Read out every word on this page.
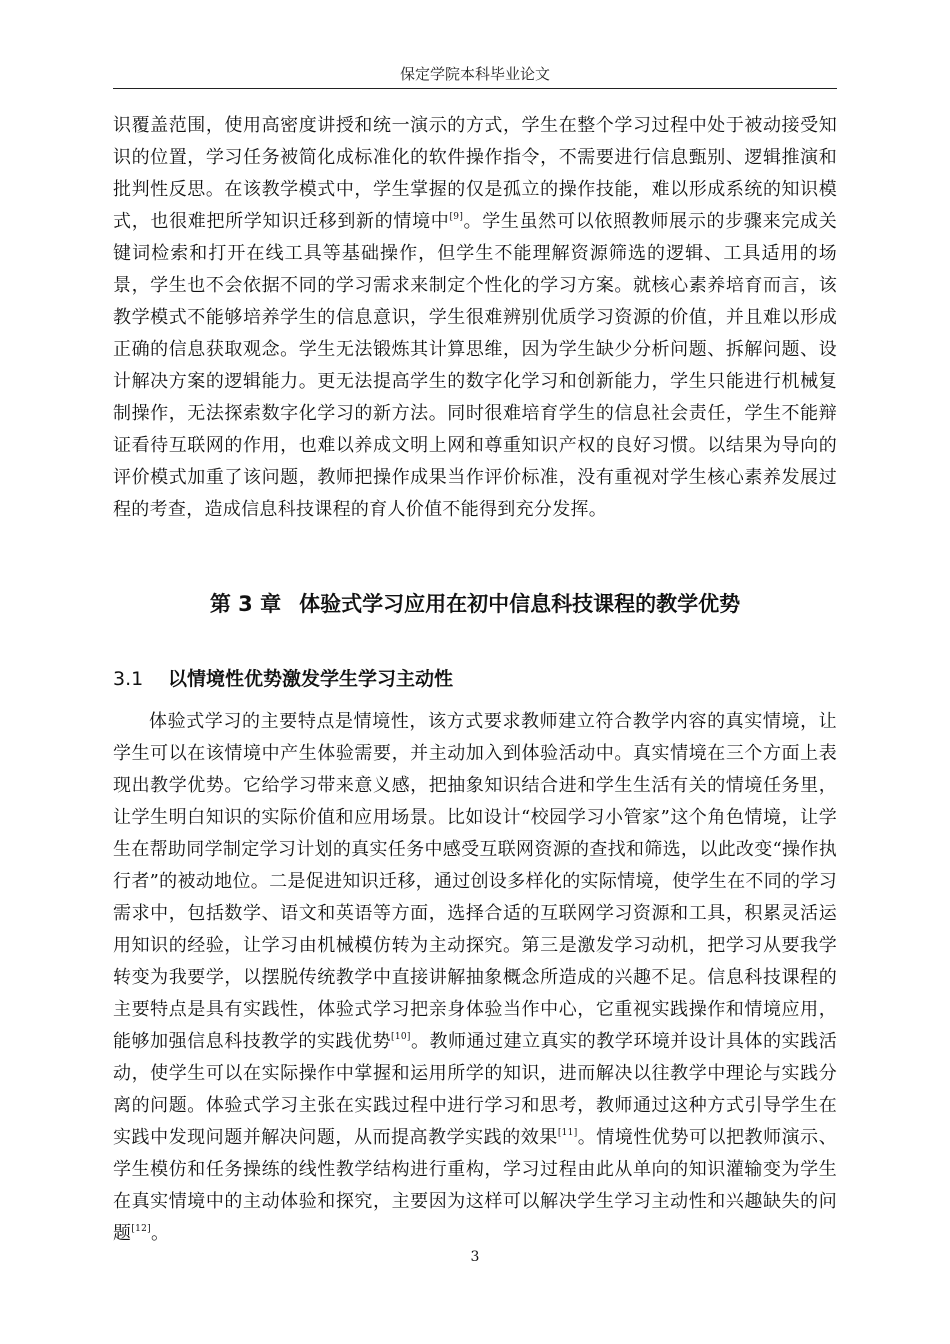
保定学院本科毕业论文

识覆盖范围，使用高密度讲授和统一演示的方式，学生在整个学习过程中处于被动接受知识的位置，学习任务被简化成标准化的软件操作指令，不需要进行信息甄别、逻辑推演和批判性反思。在该教学模式中，学生掌握的仅是孤立的操作技能，难以形成系统的知识模式，也很难把所学知识迁移到新的情境中[9]。学生虽然可以依照教师展示的步骤来完成关键词检索和打开在线工具等基础操作，但学生不能理解资源筛选的逻辑、工具适用的场景，学生也不会依据不同的学习需求来制定个性化的学习方案。就核心素养培育而言，该教学模式不能够培养学生的信息意识，学生很难辨别优质学习资源的价值，并且难以形成正确的信息获取观念。学生无法锻炼其计算思维，因为学生缺少分析问题、拆解问题、设计解决方案的逻辑能力。更无法提高学生的数字化学习和创新能力，学生只能进行机械复制操作，无法探索数字化学习的新方法。同时很难培育学生的信息社会责任，学生不能辩证看待互联网的作用，也难以养成文明上网和尊重知识产权的良好习惯。以结果为导向的评价模式加重了该问题，教师把操作成果当作评价标准，没有重视对学生核心素养发展过程的考查，造成信息科技课程的育人价值不能得到充分发挥。

第 3 章 体验式学习应用在初中信息科技课程的教学优势
3.1 以情境性优势激发学生学习主动性

体验式学习的主要特点是情境性，该方式要求教师建立符合教学内容的真实情境，让学生可以在该情境中产生体验需要，并主动加入到体验活动中。真实情境在三个方面上表现出教学优势。它给学习带来意义感，把抽象知识结合进和学生生活有关的情境任务里，让学生明白知识的实际价值和应用场景。比如设计“校园学习小管家”这个角色情境，让学生在帮助同学制定学习计划的真实任务中感受互联网资源的查找和筛选，以此改变“操作执行者”的被动地位。二是促进知识迁移，通过创设多样化的实际情境，使学生在不同的学习需求中，包括数学、语文和英语等方面，选择合适的互联网学习资源和工具，积累灵活运用知识的经验，让学习由机械模仿转为主动探究。第三是激发学习动机，把学习从要我学转变为我要学，以摆脱传统教学中直接讲解抽象概念所造成的兴趣不足。信息科技课程的主要特点是具有实践性，体验式学习把亲身体验当作中心，它重视实践操作和情境应用，能够加强信息科技教学的实践优势[10]。教师通过建立真实的教学环境并设计具体的实践活动，使学生可以在实际操作中掌握和运用所学的知识，进而解决以往教学中理论与实践分离的问题。体验式学习主张在实践过程中进行学习和思考，教师通过这种方式引导学生在实践中发现问题并解决问题，从而提高教学实践的效果[11]。情境性优势可以把教师演示、学生模仿和任务操练的线性教学结构进行重构，学习过程由此从单向的知识灌输变为学生在真实情境中的主动体验和探究，主要因为这样可以解决学生学习主动性和兴趣缺失的问题[12]。

3
